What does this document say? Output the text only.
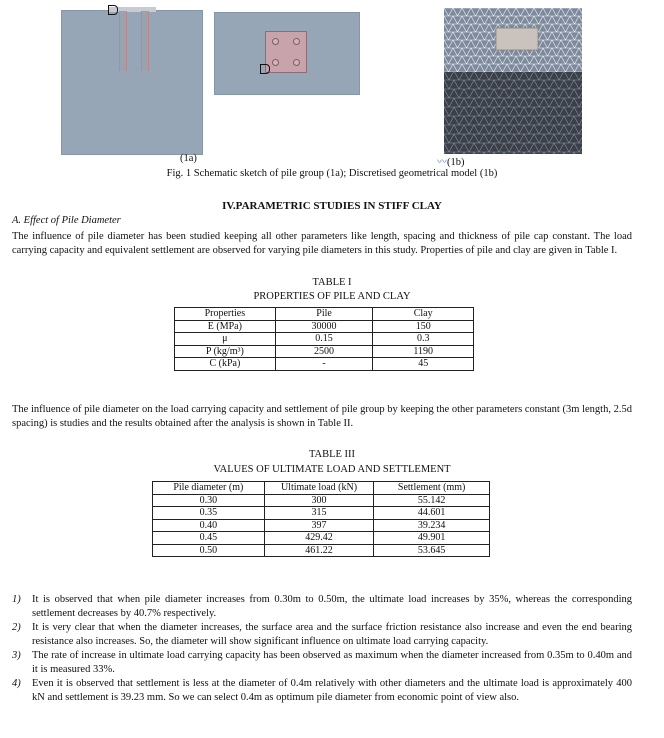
(1a)	〰(1b)
Fig. 1 Schematic sketch of pile group (1a); Discretised geometrical model (1b)
IV.PARAMETRIC STUDIES IN STIFF CLAY
A. Effect of Pile Diameter
The influence of pile diameter has been studied keeping all other parameters like length, spacing and thickness of pile cap constant. The load carrying capacity and equivalent settlement are observed for varying pile diameters in this study. Properties of pile and clay are given in Table I.
TABLE I
PROPERTIES OF PILE AND CLAY
Properties	Pile	Clay
E (MPa)	30000	150
μ	0.15	0.3
P (kg/m³)	2500	1190
C (kPa)	-	45
The influence of pile diameter on the load carrying capacity and settlement of pile group by keeping the other parameters constant (3m length, 2.5d spacing) is studies and the results obtained after the analysis is shown in Table II.
TABLE III
VALUES OF ULTIMATE LOAD AND SETTLEMENT
Pile diameter (m)	Ultimate load (kN)	Settlement (mm)
0.30	300	55.142
0.35	315	44.601
0.40	397	39.234
0.45	429.42	49.901
0.50	461.22	53.645
1) It is observed that when pile diameter increases from 0.30m to 0.50m, the ultimate load increases by 35%, whereas the corresponding settlement decreases by 40.7% respectively.
2) It is very clear that when the diameter increases, the surface area and the surface friction resistance also increase and even the end bearing resistance also increases. So, the diameter will show significant influence on ultimate load carrying capacity.
3) The rate of increase in ultimate load carrying capacity has been observed as maximum when the diameter increased from 0.35m to 0.40m and it is measured 33%.
4) Even it is observed that settlement is less at the diameter of 0.4m relatively with other diameters and the ultimate load is approximately 400 kN and settlement is 39.23 mm. So we can select 0.4m as optimum pile diameter from economic point of view also.
